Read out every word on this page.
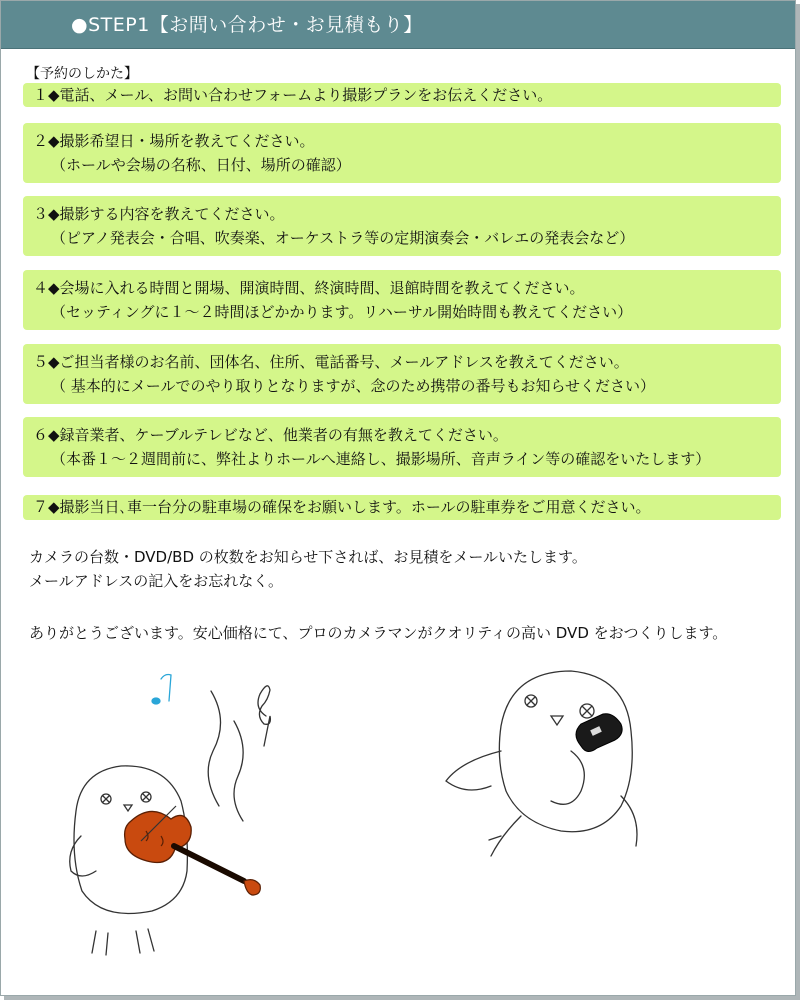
●STEP1【お問い合わせ・お見積もり】
【予約のしかた】
１◆電話、メール、お問い合わせフォームより撮影プランをお伝えください。
２◆撮影希望日・場所を教えてください。
（ホールや会場の名称、日付、場所の確認）
３◆撮影する内容を教えてください。
（ピアノ発表会・合唱、吹奏楽、オーケストラ等の定期演奏会・バレエの発表会など）
４◆会場に入れる時間と開場、開演時間、終演時間、退館時間を教えてください。
（セッティングに１～２時間ほどかかります。リハーサル開始時間も教えてください）
５◆ご担当者様のお名前、団体名、住所、電話番号、メールアドレスを教えてください。
（ 基本的にメールでのやり取りとなりますが、念のため携帯の番号もお知らせください）
６◆録音業者、ケーブルテレビなど、他業者の有無を教えてください。
（本番１～２週間前に、弊社よりホールへ連絡し、撮影場所、音声ライン等の確認をいたします）
７◆撮影当日､車一台分の駐車場の確保をお願いします。ホールの駐車券をご用意ください。
カメラの台数・DVD/BD の枚数をお知らせ下されば、お見積をメールいたします。
メールアドレスの記入をお忘れなく。
ありがとうございます。安心価格にて、プロのカメラマンがクオリティの高い DVD をおつくりします。
